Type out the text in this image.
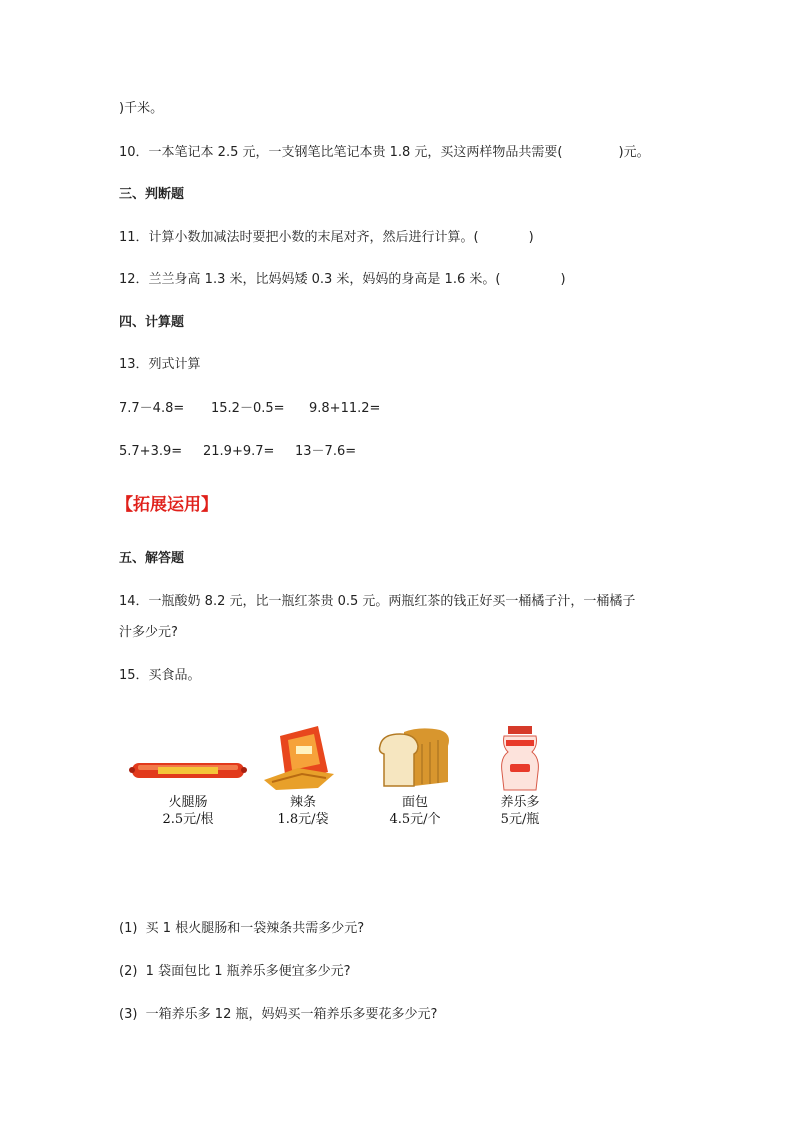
)千米。
10．一本笔记本 2.5 元，一支钢笔比笔记本贵 1.8 元，买这两样物品共需要(	)元。
三、判断题
11．计算小数加减法时要把小数的末尾对齐，然后进行计算。(	)
12．兰兰身高 1.3 米，比妈妈矮 0.3 米，妈妈的身高是 1.6 米。(	)
四、计算题
13．列式计算
7.7－4.8= 15.2－0.5= 9.8+11.2=
5.7+3.9= 21.9+9.7= 13－7.6=
【拓展运用】
五、解答题
14．一瓶酸奶 8.2 元，比一瓶红茶贵 0.5 元。两瓶红茶的钱正好买一桶橘子汁，一桶橘子
汁多少元?
15．买食品。
火腿肠
2.5元/根
辣条
1.8元/袋
面包
4.5元/个
养乐多
5元/瓶
(1)  买 1 根火腿肠和一袋辣条共需多少元?
(2)  1 袋面包比 1 瓶养乐多便宜多少元?
(3)  一箱养乐多 12 瓶，妈妈买一箱养乐多要花多少元?
